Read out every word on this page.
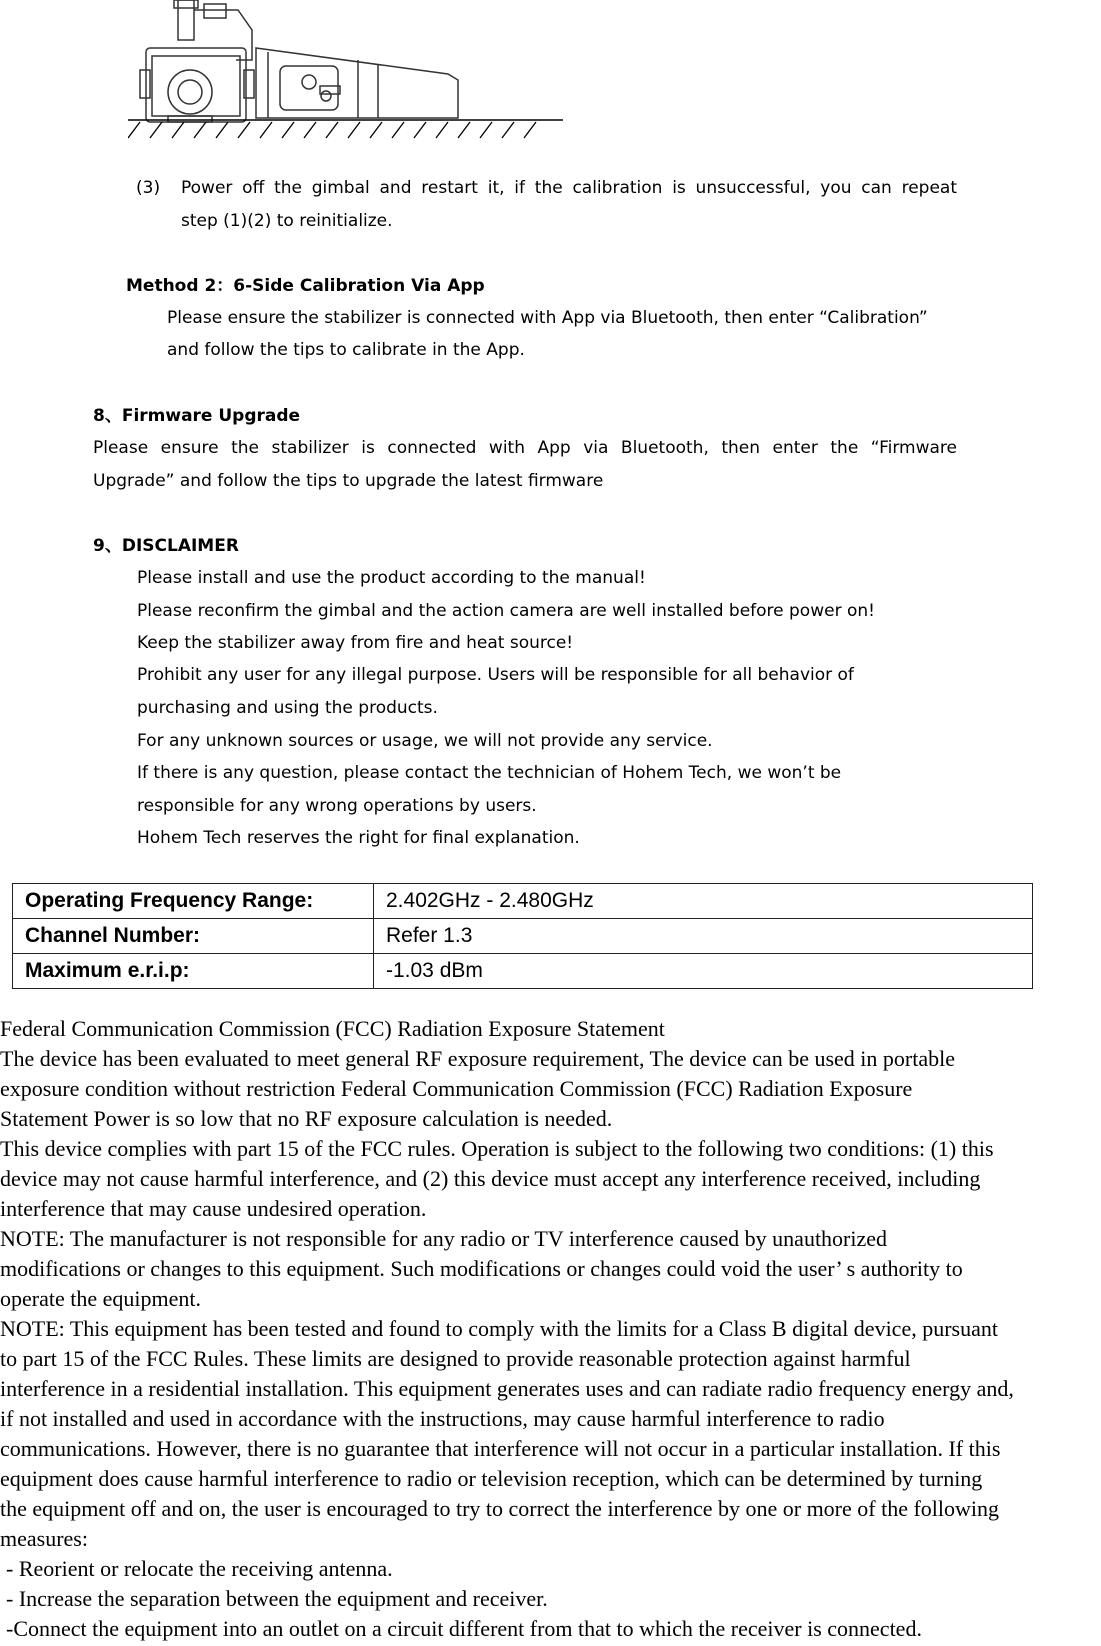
(3) Power off the gimbal and restart it, if the calibration is unsuccessful, you can repeat
step (1)(2) to reinitialize.
Method 2：6-Side Calibration Via App
Please ensure the stabilizer is connected with App via Bluetooth, then enter “Calibration”
and follow the tips to calibrate in the App.
8、Firmware Upgrade
Please ensure the stabilizer is connected with App via Bluetooth, then enter the “Firmware
Upgrade” and follow the tips to upgrade the latest firmware
9、DISCLAIMER
Please install and use the product according to the manual!
Please reconfirm the gimbal and the action camera are well installed before power on!
Keep the stabilizer away from fire and heat source!
Prohibit any user for any illegal purpose. Users will be responsible for all behavior of
purchasing and using the products.
For any unknown sources or usage, we will not provide any service.
If there is any question, please contact the technician of Hohem Tech, we won’t be
responsible for any wrong operations by users.
Hohem Tech reserves the right for final explanation.
Operating Frequency Range:	2.402GHz - 2.480GHz
Channel Number:	Refer 1.3
Maximum e.r.i.p:	-1.03 dBm
Federal Communication Commission (FCC) Radiation Exposure Statement
The device has been evaluated to meet general RF exposure requirement, The device can be used in portable
exposure condition without restriction Federal Communication Commission (FCC) Radiation Exposure
Statement Power is so low that no RF exposure calculation is needed.
This device complies with part 15 of the FCC rules. Operation is subject to the following two conditions: (1) this
device may not cause harmful interference, and (2) this device must accept any interference received, including
interference that may cause undesired operation.
NOTE: The manufacturer is not responsible for any radio or TV interference caused by unauthorized
modifications or changes to this equipment. Such modifications or changes could void the user’ s authority to
operate the equipment.
NOTE: This equipment has been tested and found to comply with the limits for a Class B digital device, pursuant
to part 15 of the FCC Rules. These limits are designed to provide reasonable protection against harmful
interference in a residential installation. This equipment generates uses and can radiate radio frequency energy and,
if not installed and used in accordance with the instructions, may cause harmful interference to radio
communications. However, there is no guarantee that interference will not occur in a particular installation. If this
equipment does cause harmful interference to radio or television reception, which can be determined by turning
the equipment off and on, the user is encouraged to try to correct the interference by one or more of the following
measures:
- Reorient or relocate the receiving antenna.
- Increase the separation between the equipment and receiver.
-Connect the equipment into an outlet on a circuit different from that to which the receiver is connected.
